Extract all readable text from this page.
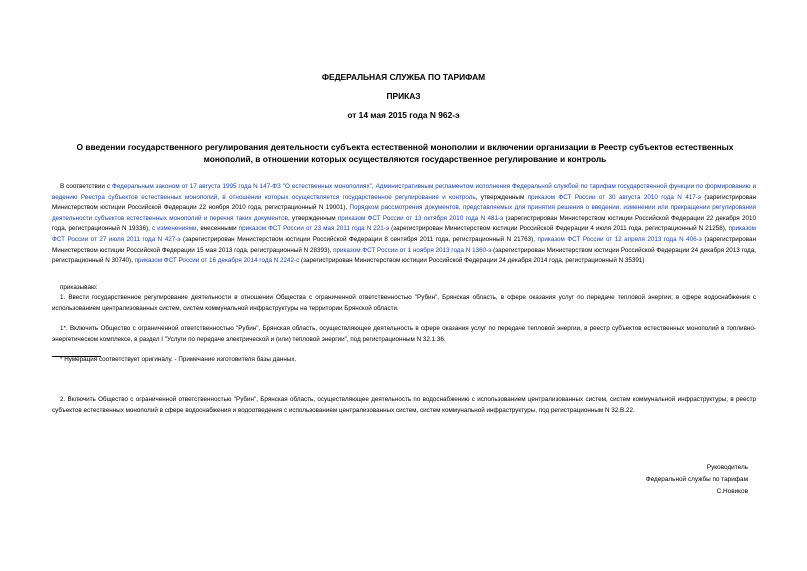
ФЕДЕРАЛЬНАЯ СЛУЖБА ПО ТАРИФАМ
ПРИКАЗ
от 14 мая 2015 года N 962-э
О введении государственного регулирования деятельности субъекта естественной монополии и включении организации в Реестр субъектов естественных монополий, в отношении которых осуществляются государственное регулирование и контроль
В соответствии с Федеральным законом от 17 августа 1995 года N 147-ФЗ "О естественных монополиях", Административным регламентом исполнения Федеральной службой по тарифам государственной функции по формированию и ведению Реестра субъектов естественных монополий, в отношении которых осуществляется государственное регулирование и контроль, утвержденным приказом ФСТ России от 30 августа 2010 года N 417-э (зарегистрирован Министерством юстиции Российской Федерации 22 ноября 2010 года, регистрационный N 19001), Порядком рассмотрения документов, представляемых для принятия решения о введении, изменении или прекращении регулирования деятельности субъектов естественных монополий и перечня таких документов, утвержденным приказом ФСТ России от 13 октября 2010 года N 481-э (зарегистрирован Министерством юстиции Российской Федерации 22 декабря 2010 года, регистрационный N 19336), с изменениями, внесенными приказом ФСТ России от 23 мая 2011 года N 221-э (зарегистрирован Министерством юстиции Российской Федерации 4 июля 2011 года, регистрационный N 21258), приказом ФСТ России от 27 июля 2011 года N 427-э (зарегистрирован Министерством юстиции Российской Федерации 8 сентября 2011 года, регистрационный N 21763), приказом ФСТ России от 12 апреля 2013 года N 406-э (зарегистрирован Министерством юстиции Российской Федерации 15 мая 2013 года, регистрационный N 28393), приказом ФСТ России от 1 ноября 2013 года N 1360-э (зарегистрирован Министерством юстиции Российской Федерации 24 декабря 2013 года, регистрационный N 30740), приказом ФСТ России от 16 декабря 2014 года N 2242-с (зарегистрирован Министерством юстиции Российской Федерации 24 декабря 2014 года, регистрационный N 35391)
приказываю:
1. Ввести государственное регулирование деятельности в отношении Общества с ограниченной ответственностью "Рубин", Брянская область, в сфере оказания услуг по передаче тепловой энергии; в сфере водоснабжения с использованием централизованных систем, систем коммунальной инфраструктуры на территории Брянской области.
1*. Включить Общество с ограниченной ответственностью "Рубин", Брянская область, осуществляющее деятельность в сфере оказания услуг по передаче тепловой энергии, в реестр субъектов естественных монополий в топливно-энергетическом комплексе, в раздел I "Услуги по передаче электрической и (или) тепловой энергии", под регистрационным N 32.1.36.
* Нумерация соответствует оригиналу. - Примечание изготовителя базы данных.
2. Включить Общество с ограниченной ответственностью "Рубин", Брянская область, осуществляющее деятельность по водоснабжению с использованием централизованных систем, систем коммунальной инфраструктуры, в реестр субъектов естественных монополий в сфере водоснабжения и водоотведения с использованием централизованных систем, систем коммунальной инфраструктуры, под регистрационным N 32.В.22.
Руководитель
Федеральной службы по тарифам
С.Новиков
